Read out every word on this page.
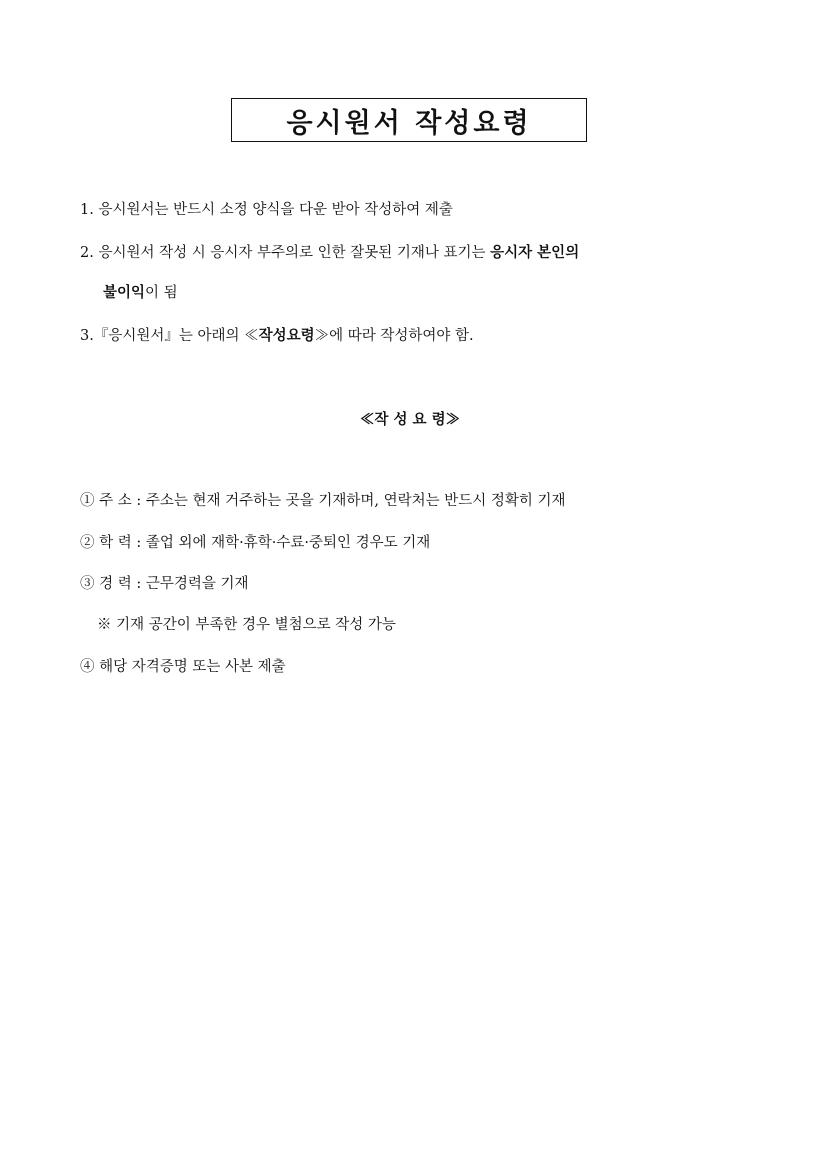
응시원서 작성요령
1. 응시원서는 반드시 소정 양식을 다운 받아 작성하여 제출
2. 응시원서 작성 시 응시자 부주의로 인한 잘못된 기재나 표기는 응시자 본인의
불이익이 됨
3.『응시원서』는 아래의 ≪작성요령≫에 따라 작성하여야 함.
≪작 성 요 령≫
① 주 소 : 주소는 현재 거주하는 곳을 기재하며, 연락처는 반드시 정확히 기재
② 학 력 : 졸업 외에 재학·휴학·수료·중퇴인 경우도 기재
③ 경 력 : 근무경력을 기재
※ 기재 공간이 부족한 경우 별첨으로 작성 가능
④ 해당 자격증명 또는 사본 제출
